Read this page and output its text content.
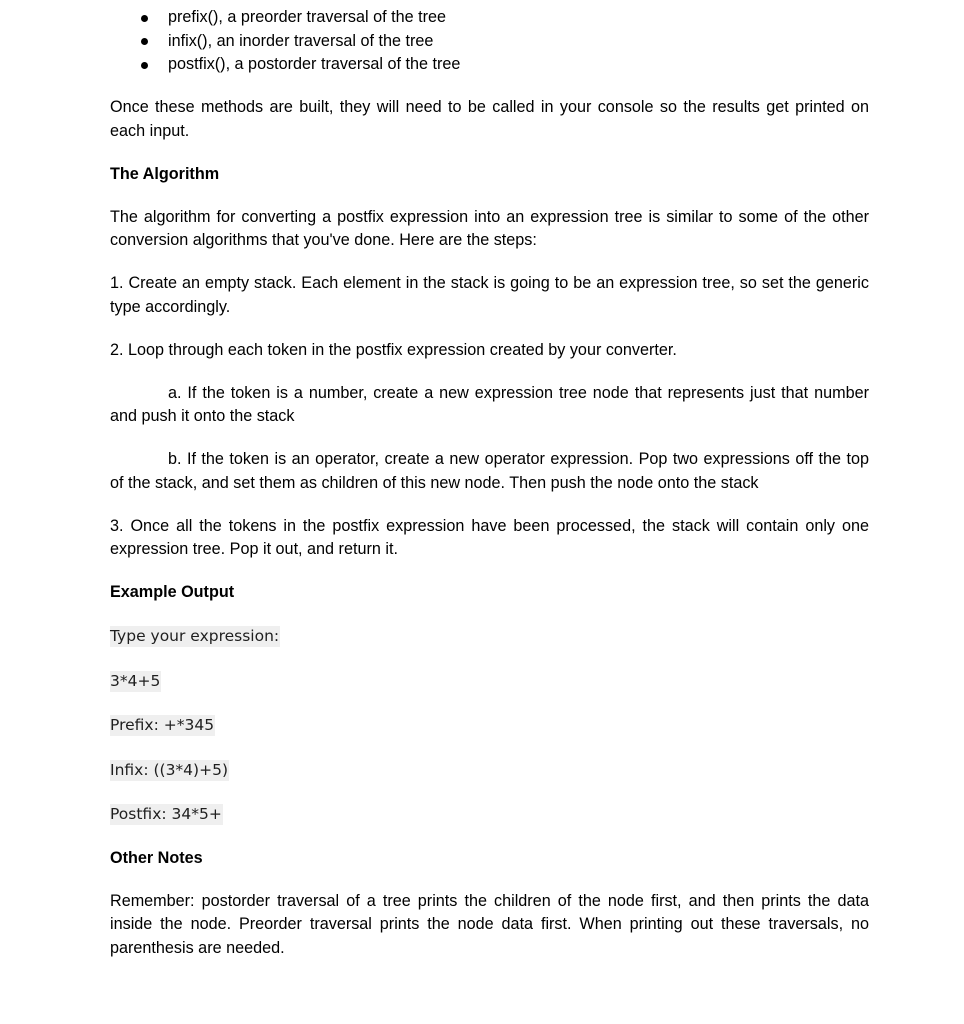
prefix(), a preorder traversal of the tree
infix(), an inorder traversal of the tree
postfix(), a postorder traversal of the tree

Once these methods are built, they will need to be called in your console so the results get printed on each input.

The Algorithm

The algorithm for converting a postfix expression into an expression tree is similar to some of the other conversion algorithms that you've done. Here are the steps:

1. Create an empty stack. Each element in the stack is going to be an expression tree, so set the generic type accordingly.

2. Loop through each token in the postfix expression created by your converter.

a. If the token is a number, create a new expression tree node that represents just that number and push it onto the stack

b. If the token is an operator, create a new operator expression. Pop two expressions off the top of the stack, and set them as children of this new node. Then push the node onto the stack

3. Once all the tokens in the postfix expression have been processed, the stack will contain only one expression tree. Pop it out, and return it.

Example Output
Type your expression:
3*4+5
Prefix: +*345
Infix: ((3*4)+5)
Postfix: 34*5+
Other Notes

Remember: postorder traversal of a tree prints the children of the node first, and then prints the data inside the node. Preorder traversal prints the node data first. When printing out these traversals, no parenthesis are needed.
